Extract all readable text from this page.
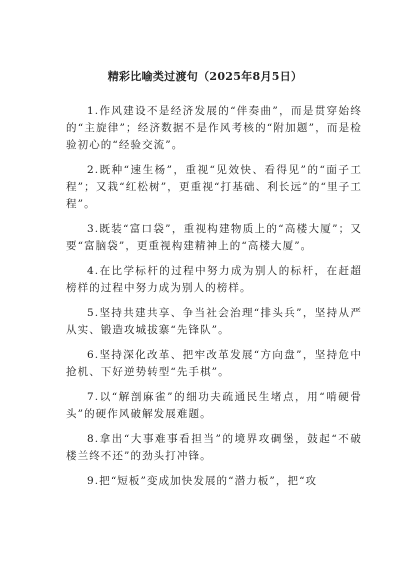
精彩比喻类过渡句（2025年8月5日）

1.作风建设不是经济发展的“伴奏曲”，而是贯穿始终的“主旋律”；经济数据不是作风考核的“附加题”，而是检验初心的“经验交流”。

2.既种“速生杨”，重视“见效快、看得见”的“面子工程”；又栽“红松树”，更重视“打基础、利长远”的“里子工程”。

3.既装“富口袋”，重视构建物质上的“高楼大厦”；又要“富脑袋”，更重视构建精神上的“高楼大厦”。

4.在比学标杆的过程中努力成为别人的标杆，在赶超榜样的过程中努力成为别人的榜样。

5.坚持共建共享、争当社会治理“排头兵”，坚持从严从实、锻造攻城拔寨“先锋队”。

6.坚持深化改革、把牢改革发展“方向盘”，坚持危中抢机、下好逆势转型“先手棋”。

7.以“解剖麻雀”的细功夫疏通民生堵点，用“啃硬骨头”的硬作风破解发展难题。

8.拿出“大事难事看担当”的境界攻碉堡，鼓起“不破楼兰终不还”的劲头打冲锋。

9.把“短板”变成加快发展的“潜力板”，把“攻
